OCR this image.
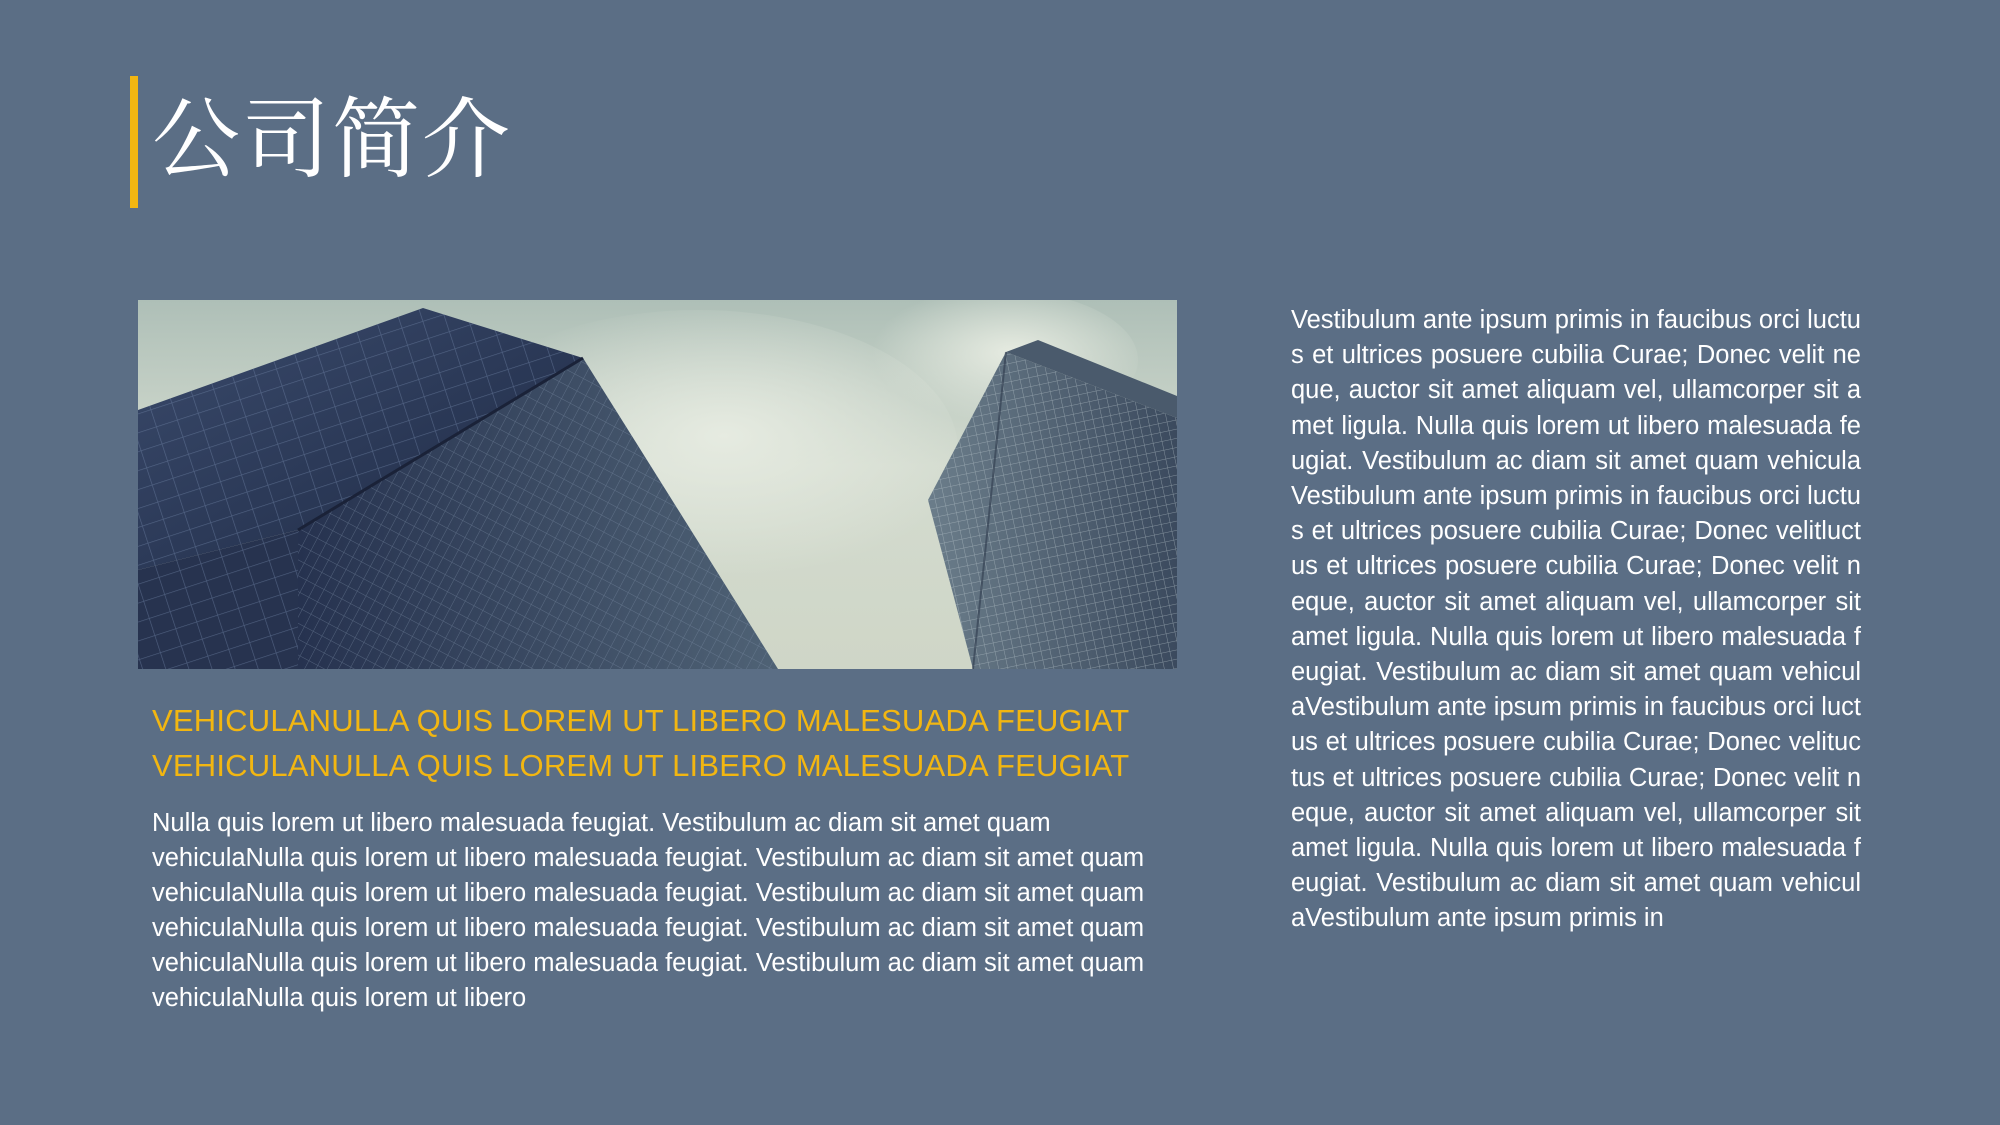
公司简介
VEHICULANULLA QUIS LOREM UT LIBERO MALESUADA FEUGIAT
VEHICULANULLA QUIS LOREM UT LIBERO MALESUADA FEUGIAT

Nulla quis lorem ut libero malesuada feugiat. Vestibulum ac diam sit amet quam vehiculaNulla quis lorem ut libero malesuada feugiat. Vestibulum ac diam sit amet quam vehiculaNulla quis lorem ut libero malesuada feugiat. Vestibulum ac diam sit amet quam vehiculaNulla quis lorem ut libero malesuada feugiat. Vestibulum ac diam sit amet quam vehiculaNulla quis lorem ut libero malesuada feugiat. Vestibulum ac diam sit amet quam vehiculaNulla quis lorem ut libero

Vestibulum ante ipsum primis in faucibus orci luctus et ultrices posuere cubilia Curae; Donec velit neque, auctor sit amet aliquam vel, ullamcorper sit amet ligula. Nulla quis lorem ut libero malesuada feugiat. Vestibulum ac diam sit amet quam vehiculaVestibulum ante ipsum primis in faucibus orci luctus et ultrices posuere cubilia Curae; Donec velitluctus et ultrices posuere cubilia Curae; Donec velit neque, auctor sit amet aliquam vel, ullamcorper sit amet ligula. Nulla quis lorem ut libero malesuada feugiat. Vestibulum ac diam sit amet quam vehiculaVestibulum ante ipsum primis in faucibus orci luctus et ultrices posuere cubilia Curae; Donec velituctus et ultrices posuere cubilia Curae; Donec velit neque, auctor sit amet aliquam vel, ullamcorper sit amet ligula. Nulla quis lorem ut libero malesuada feugiat. Vestibulum ac diam sit amet quam vehiculaVestibulum ante ipsum primis in
